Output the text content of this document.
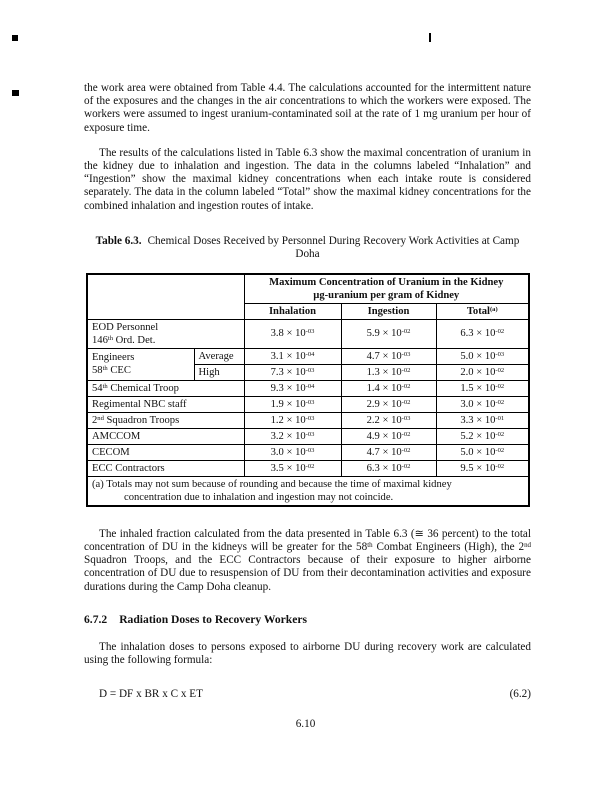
the work area were obtained from Table 4.4. The calculations accounted for the intermittent nature of the exposures and the changes in the air concentrations to which the workers were exposed. The workers were assumed to ingest uranium-contaminated soil at the rate of 1 mg uranium per hour of exposure time.

The results of the calculations listed in Table 6.3 show the maximal concentration of uranium in the kidney due to inhalation and ingestion. The data in the columns labeled “Inhalation” and “Ingestion” show the maximal kidney concentrations when each intake route is considered separately. The data in the column labeled “Total” show the maximal kidney concentrations for the combined inhalation and ingestion routes of intake.

Table 6.3. Chemical Doses Received by Personnel During Recovery Work Activities at Camp Doha

		Maximum Concentration of Uranium in the Kidney
µg-uranium per gram of Kidney		

		Inhalation	Ingestion	Total$^{(a)}$
EOD Personnel
146th Ord. Det.		$3.8 \times 10^{-03}$	$5.9 \times 10^{-02}$	$6.3 \times 10^{-02}$
Engineers
58th CEC	Average	$3.1 \times 10^{-04}$	$4.7 \times 10^{-03}$	$5.0 \times 10^{-03}$
	High	$7.3 \times 10^{-03}$	$1.3 \times 10^{-02}$	$2.0 \times 10^{-02}$
54th Chemical Troop		$9.3 \times 10^{-04}$	$1.4 \times 10^{-02}$	$1.5 \times 10^{-02}$
Regimental NBC staff		$1.9 \times 10^{-03}$	$2.9 \times 10^{-02}$	$3.0 \times 10^{-02}$
2nd Squadron Troops		$1.2 \times 10^{-03}$	$2.2 \times 10^{-03}$	$3.3 \times 10^{-01}$
AMCCOM		$3.2 \times 10^{-03}$	$4.9 \times 10^{-02}$	$5.2 \times 10^{-02}$
CECOM		$3.0 \times 10^{-03}$	$4.7 \times 10^{-02}$	$5.0 \times 10^{-02}$
ECC Contractors		$3.5 \times 10^{-02}$	$6.3 \times 10^{-02}$	$9.5 \times 10^{-02}$

(a) Totals may not sum because of rounding and because the time of maximal kidney
concentration due to inhalation and ingestion may not coincide.				

The inhaled fraction calculated from the data presented in Table 6.3 (≅ 36 percent) to the total concentration of DU in the kidneys will be greater for the 58th Combat Engineers (High), the 2nd Squadron Troops, and the ECC Contractors because of their exposure to higher airborne concentration of DU due to resuspension of DU from their decontamination activities and exposure durations during the Camp Doha cleanup.

6.7.2 Radiation Doses to Recovery Workers

The inhalation doses to persons exposed to airborne DU during recovery work are calculated using the following formula:

D = DF x BR x C x ET	(6.2)
6.10
